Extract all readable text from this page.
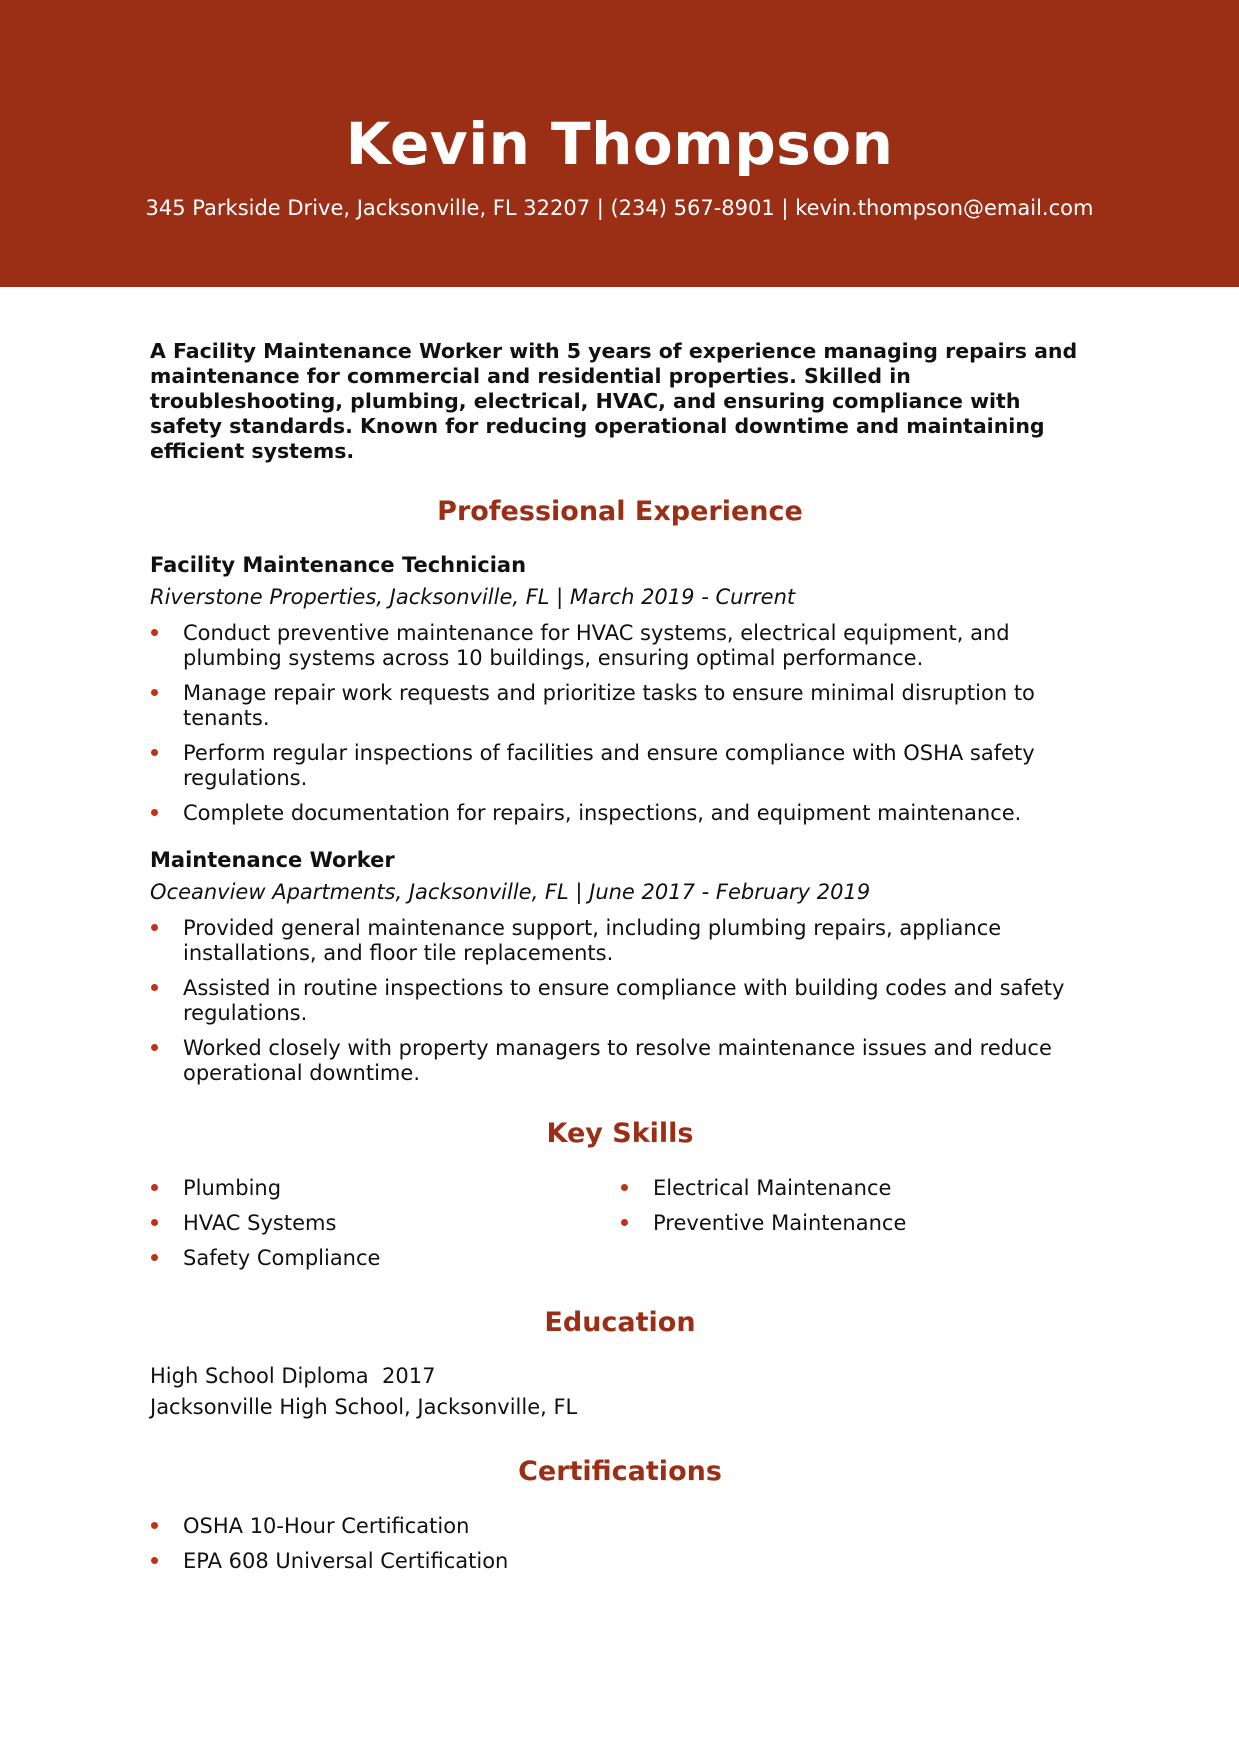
Kevin Thompson
345 Parkside Drive, Jacksonville, FL 32207 | (234) 567-8901 | kevin.thompson@email.com

A Facility Maintenance Worker with 5 years of experience managing repairs and maintenance for commercial and residential properties. Skilled in troubleshooting, plumbing, electrical, HVAC, and ensuring compliance with safety standards. Known for reducing operational downtime and maintaining efficient systems.

Professional Experience
Facility Maintenance Technician
Riverstone Properties, Jacksonville, FL | March 2019 - Current
Conduct preventive maintenance for HVAC systems, electrical equipment, and plumbing systems across 10 buildings, ensuring optimal performance.
Manage repair work requests and prioritize tasks to ensure minimal disruption to tenants.
Perform regular inspections of facilities and ensure compliance with OSHA safety regulations.
Complete documentation for repairs, inspections, and equipment maintenance.
Maintenance Worker
Oceanview Apartments, Jacksonville, FL | June 2017 - February 2019
Provided general maintenance support, including plumbing repairs, appliance installations, and floor tile replacements.
Assisted in routine inspections to ensure compliance with building codes and safety regulations.
Worked closely with property managers to resolve maintenance issues and reduce operational downtime.
Key Skills
Plumbing
HVAC Systems
Safety Compliance
Electrical Maintenance
Preventive Maintenance
Education
High School Diploma 2017
Jacksonville High School, Jacksonville, FL
Certifications
OSHA 10-Hour Certification
EPA 608 Universal Certification
